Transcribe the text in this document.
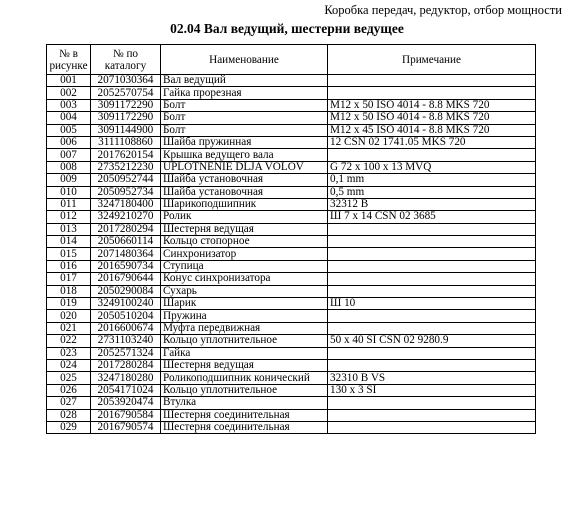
Коробка передач, редуктор, отбор мощности
02.04 Вал ведущий, шестерни ведущее
№ в рисунке	№ по каталогу	Наименование	Примечание
001	2071030364	Вал ведущий	
002	2052570754	Гайка прорезная	
003	3091172290	Болт	M12 x 50 ISO 4014 - 8.8 MKS 720
004	3091172290	Болт	M12 x 50 ISO 4014 - 8.8 MKS 720
005	3091144900	Болт	M12 x 45 ISO 4014 - 8.8 MKS 720
006	3111108860	Шайба пружинная	12 CSN 02 1741.05 MKS 720
007	2017620154	Крышка ведущего вала	
008	2735212230	UPLOTNENIE DLJA VOLOV	G 72 x 100 x 13 MVQ
009	2050952744	Шайба установочная	0,1 mm
010	2050952734	Шайба установочная	0,5 mm
011	3247180400	Шарикоподшипник	32312 B
012	3249210270	Ролик	Ш 7 x 14 CSN 02 3685
013	2017280294	Шестерня ведущая	
014	2050660114	Кольцо стопорное	
015	2071480364	Синхронизатор	
016	2016590734	Ступица	
017	2016790644	Конус синхронизатора	
018	2050290084	Сухарь	
019	3249100240	Шарик	Ш 10
020	2050510204	Пружина	
021	2016600674	Муфта передвижная	
022	2731103240	Кольцо уплотнительное	50 x 40 SI CSN 02 9280.9
023	2052571324	Гайка	
024	2017280284	Шестерня ведущая	
025	3247180280	Роликоподшипник конический	32310 B VS
026	2054171024	Кольцо уплотнительное	130 x 3 SI
027	2053920474	Втулка	
028	2016790584	Шестерня соединительная	
029	2016790574	Шестерня соединительная	
